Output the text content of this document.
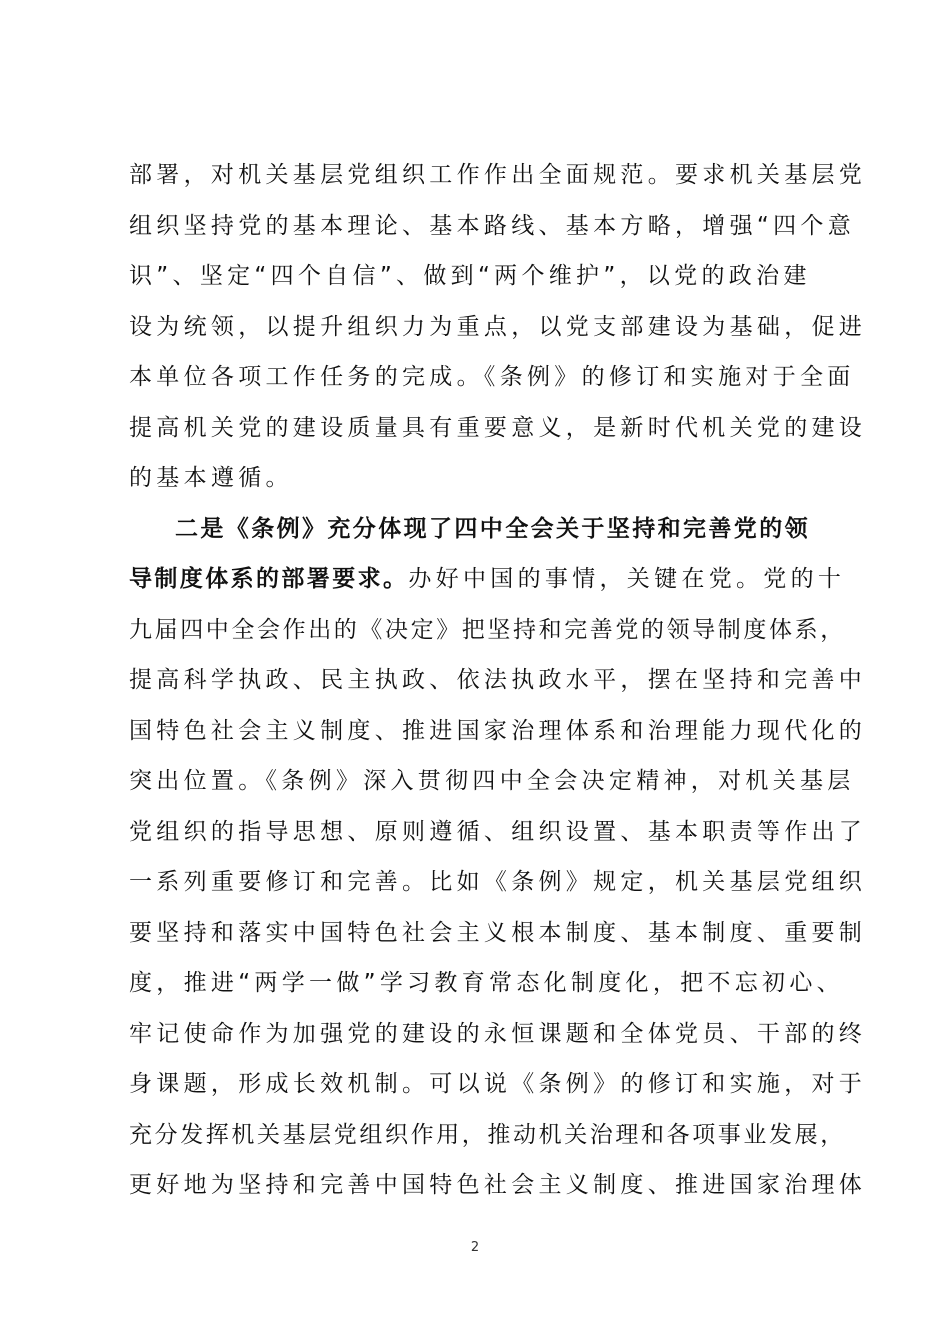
部署，对机关基层党组织工作作出全面规范。要求机关基层党
组织坚持党的基本理论、基本路线、基本方略，增强“四个意
识”、坚定“四个自信”、做到“两个维护”，以党的政治建
设为统领，以提升组织力为重点，以党支部建设为基础，促进
本单位各项工作任务的完成。《条例》的修订和实施对于全面
提高机关党的建设质量具有重要意义，是新时代机关党的建设
的基本遵循。
二是《条例》充分体现了四中全会关于坚持和完善党的领
导制度体系的部署要求。办好中国的事情，关键在党。党的十
九届四中全会作出的《决定》把坚持和完善党的领导制度体系，
提高科学执政、民主执政、依法执政水平，摆在坚持和完善中
国特色社会主义制度、推进国家治理体系和治理能力现代化的
突出位置。《条例》深入贯彻四中全会决定精神，对机关基层
党组织的指导思想、原则遵循、组织设置、基本职责等作出了
一系列重要修订和完善。比如《条例》规定，机关基层党组织
要坚持和落实中国特色社会主义根本制度、基本制度、重要制
度，推进“两学一做”学习教育常态化制度化，把不忘初心、
牢记使命作为加强党的建设的永恒课题和全体党员、干部的终
身课题，形成长效机制。可以说《条例》的修订和实施，对于
充分发挥机关基层党组织作用，推动机关治理和各项事业发展，
更好地为坚持和完善中国特色社会主义制度、推进国家治理体
2
